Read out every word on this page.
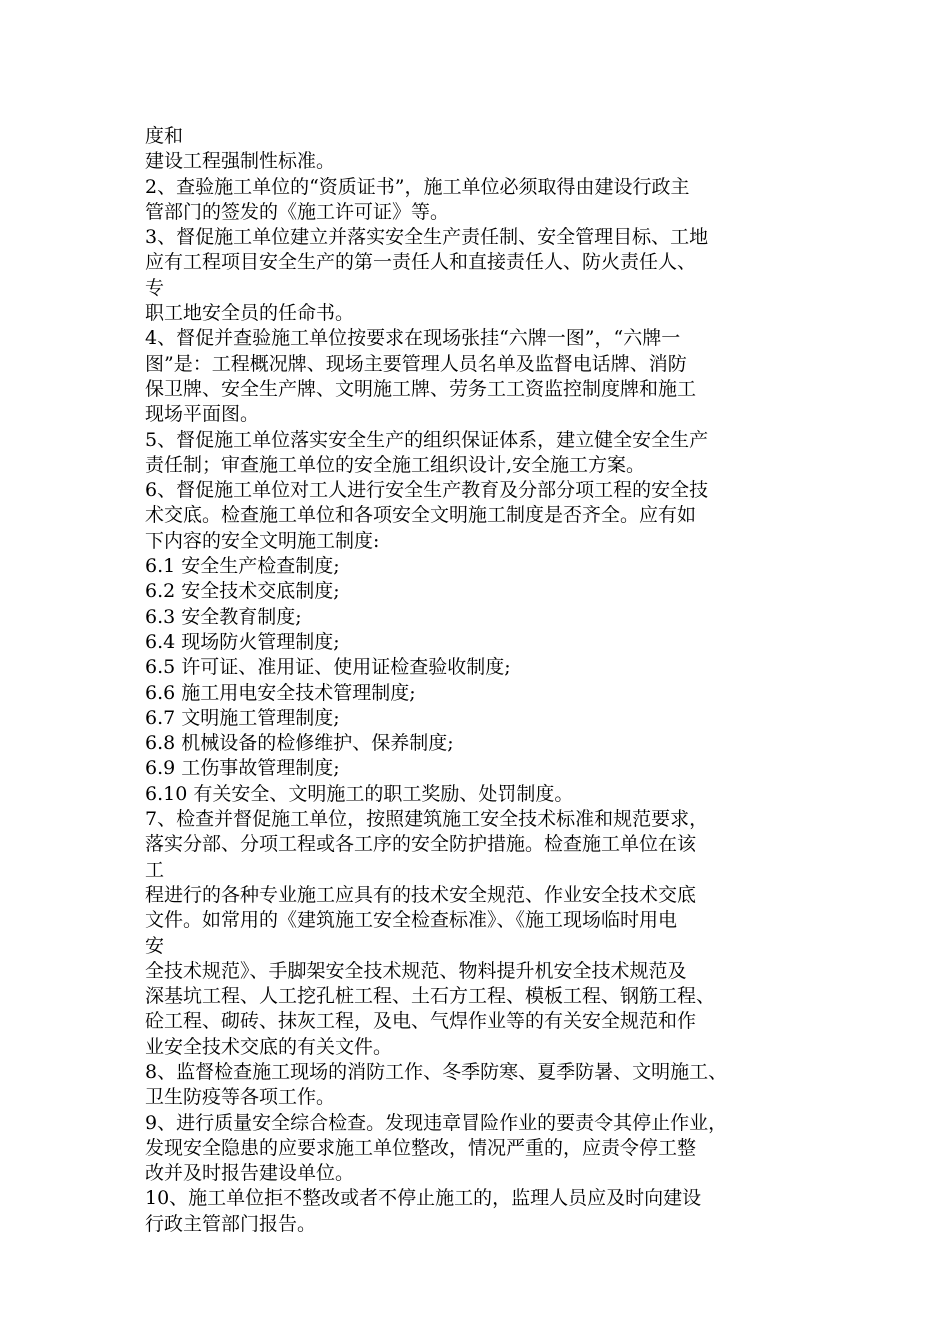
度和
建设工程强制性标准。
2、查验施工单位的“资质证书”，施工单位必须取得由建设行政主
管部门的签发的《施工许可证》等。
3、督促施工单位建立并落实安全生产责任制、安全管理目标、工地
应有工程项目安全生产的第一责任人和直接责任人、防火责任人、
专
职工地安全员的任命书。
4、督促并查验施工单位按要求在现场张挂“六牌一图”，“六牌一
图”是：工程概况牌、现场主要管理人员名单及监督电话牌、消防
保卫牌、安全生产牌、文明施工牌、劳务工工资监控制度牌和施工
现场平面图。
5、督促施工单位落实安全生产的组织保证体系，建立健全安全生产
责任制；审查施工单位的安全施工组织设计,安全施工方案。
6、督促施工单位对工人进行安全生产教育及分部分项工程的安全技
术交底。检查施工单位和各项安全文明施工制度是否齐全。应有如
下内容的安全文明施工制度:
6.1 安全生产检查制度;
6.2 安全技术交底制度;
6.3 安全教育制度;
6.4 现场防火管理制度;
6.5 许可证、准用证、使用证检查验收制度;
6.6 施工用电安全技术管理制度;
6.7 文明施工管理制度;
6.8 机械设备的检修维护、保养制度;
6.9 工伤事故管理制度;
6.10 有关安全、文明施工的职工奖励、处罚制度。
7、检查并督促施工单位，按照建筑施工安全技术标准和规范要求，
落实分部、分项工程或各工序的安全防护措施。检查施工单位在该
工
程进行的各种专业施工应具有的技术安全规范、作业安全技术交底
文件。如常用的《建筑施工安全检查标准》、《施工现场临时用电
安
全技术规范》、手脚架安全技术规范、物料提升机安全技术规范及
深基坑工程、人工挖孔桩工程、土石方工程、模板工程、钢筋工程、
砼工程、砌砖、抹灰工程，及电、气焊作业等的有关安全规范和作
业安全技术交底的有关文件。
8、监督检查施工现场的消防工作、冬季防寒、夏季防暑、文明施工、
卫生防疫等各项工作。
9、进行质量安全综合检查。发现违章冒险作业的要责令其停止作业，
发现安全隐患的应要求施工单位整改，情况严重的，应责令停工整
改并及时报告建设单位。
10、施工单位拒不整改或者不停止施工的，监理人员应及时向建设
行政主管部门报告。
